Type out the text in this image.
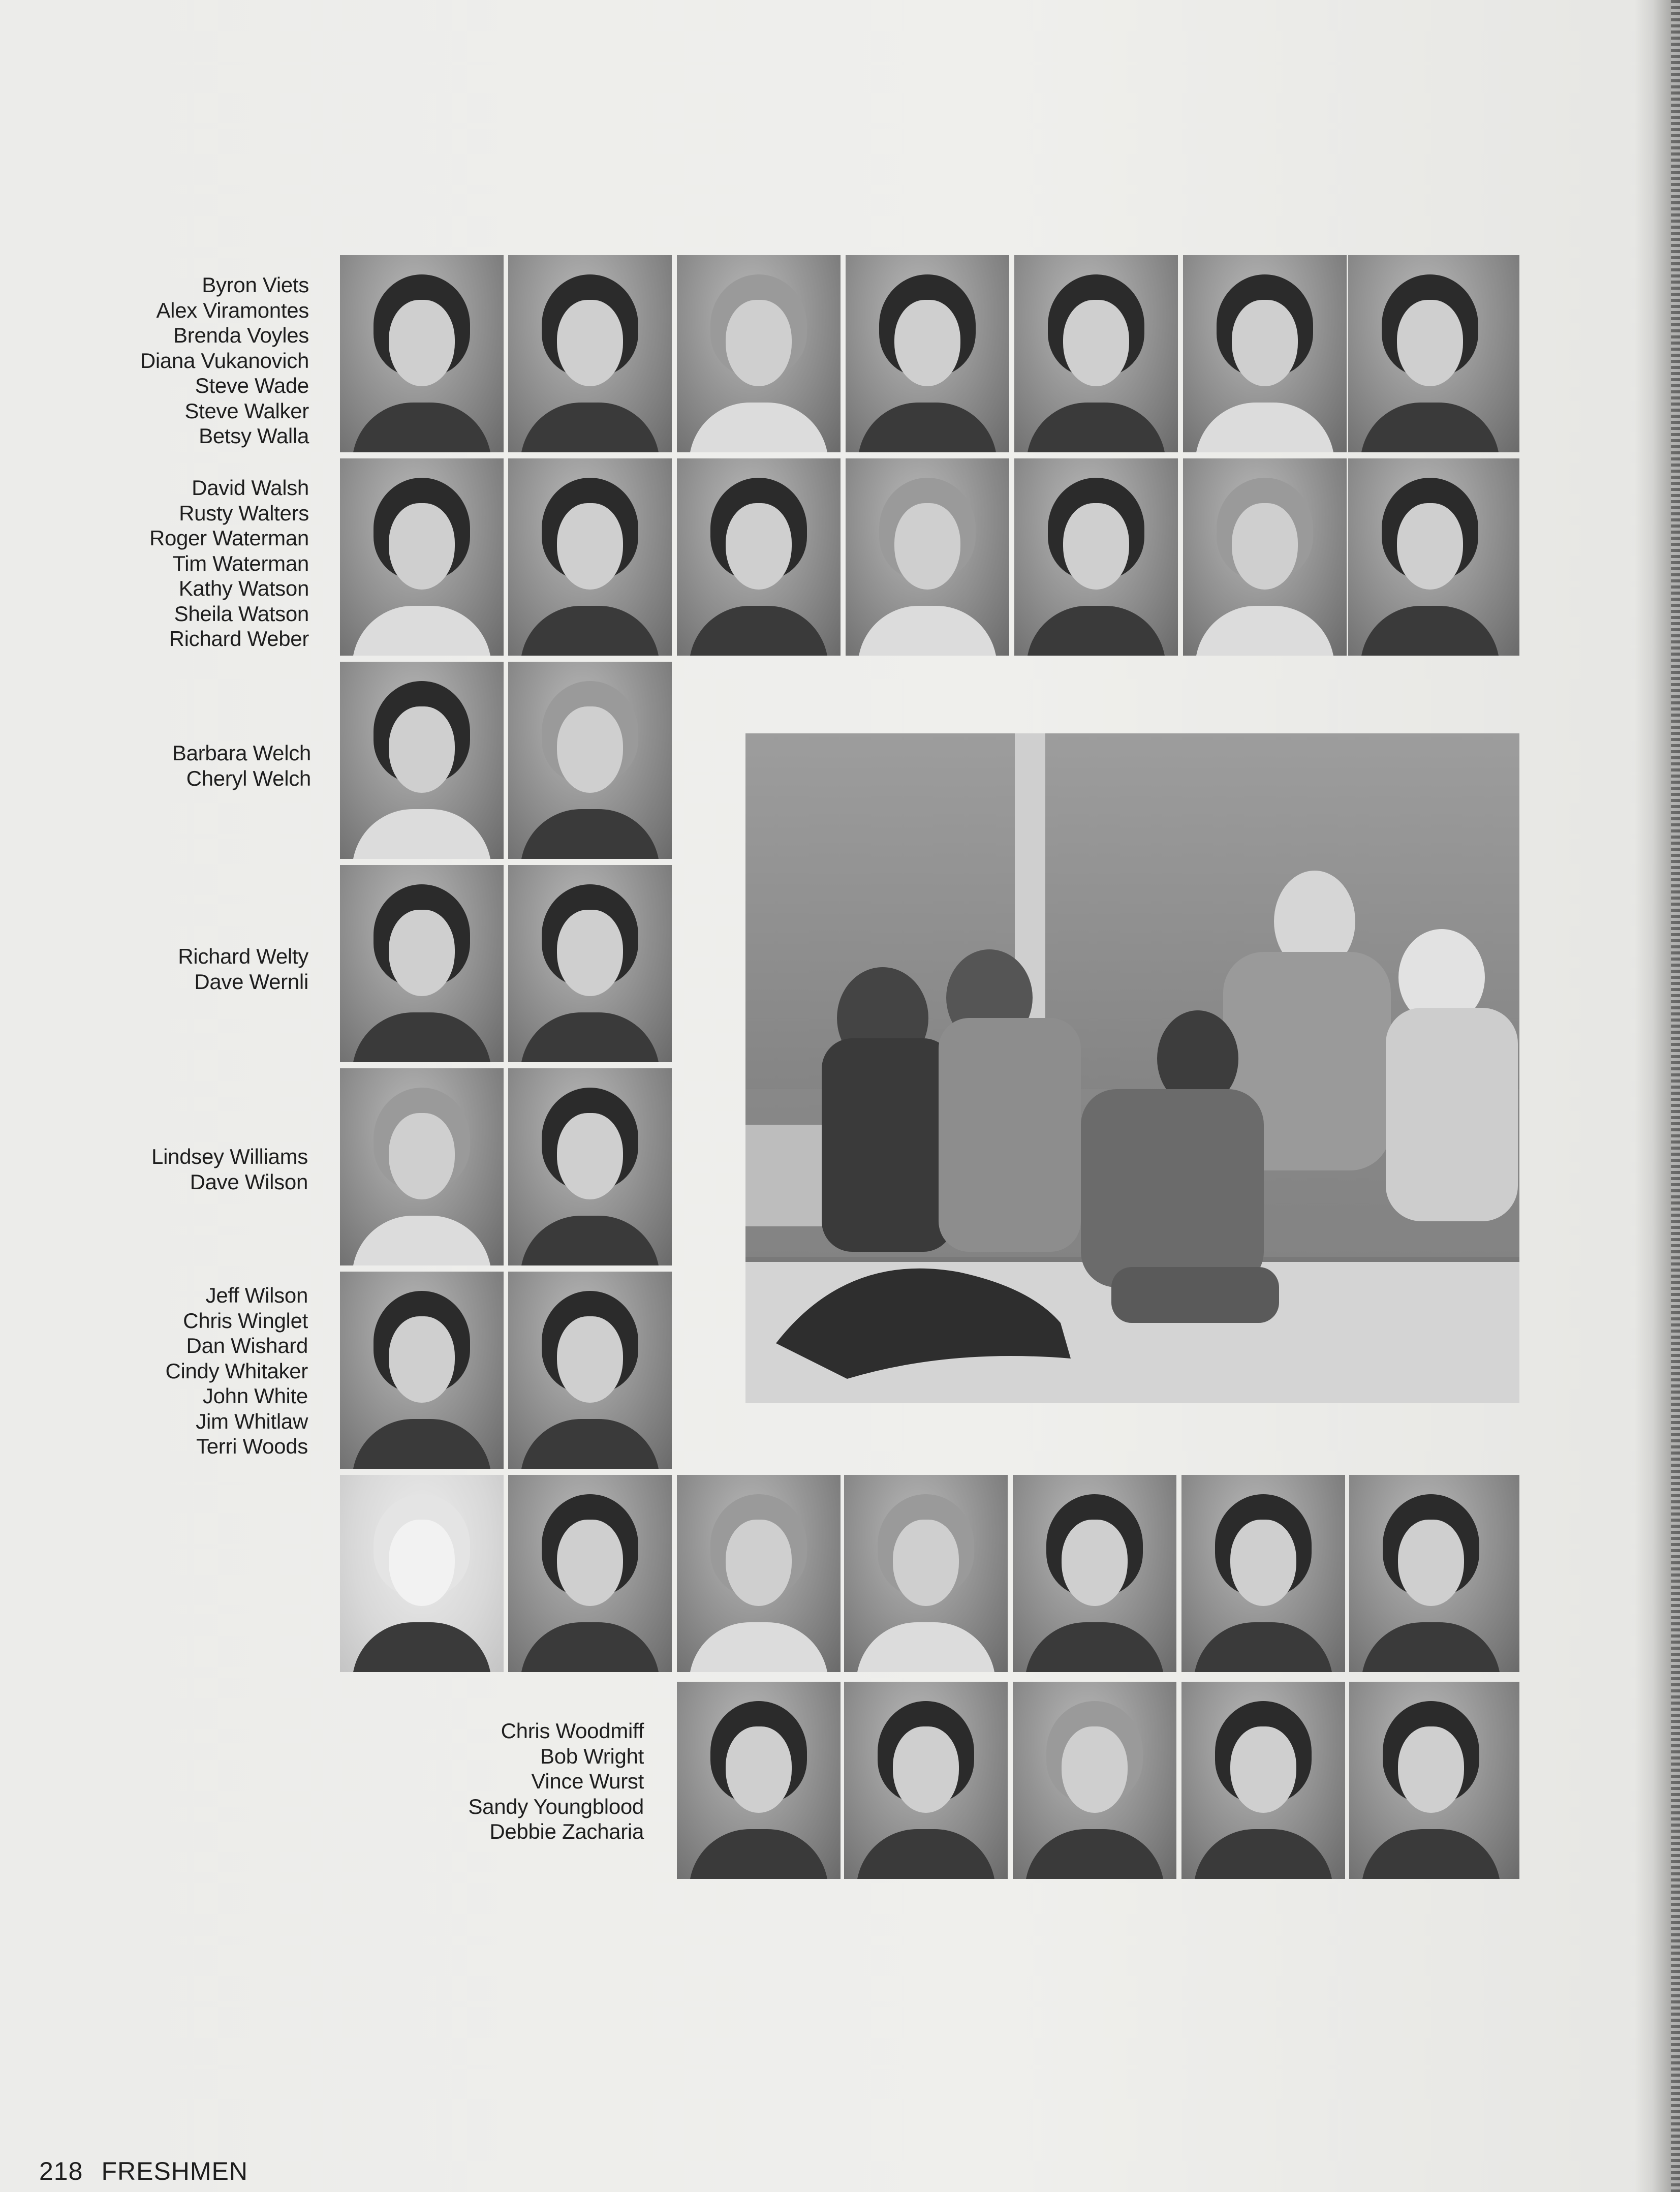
Byron Viets
Alex Viramontes
Brenda Voyles
Diana Vukanovich
Steve Wade
Steve Walker
Betsy Walla
David Walsh
Rusty Walters
Roger Waterman
Tim Waterman
Kathy Watson
Sheila Watson
Richard Weber
Barbara Welch
Cheryl Welch
Richard Welty
Dave Wernli
Lindsey Williams
Dave Wilson
Jeff Wilson
Chris Winglet
Dan Wishard
Cindy Whitaker
John White
Jim Whitlaw
Terri Woods
Chris Woodmiff
Bob Wright
Vince Wurst
Sandy Youngblood
Debbie Zacharia
218 FRESHMEN
